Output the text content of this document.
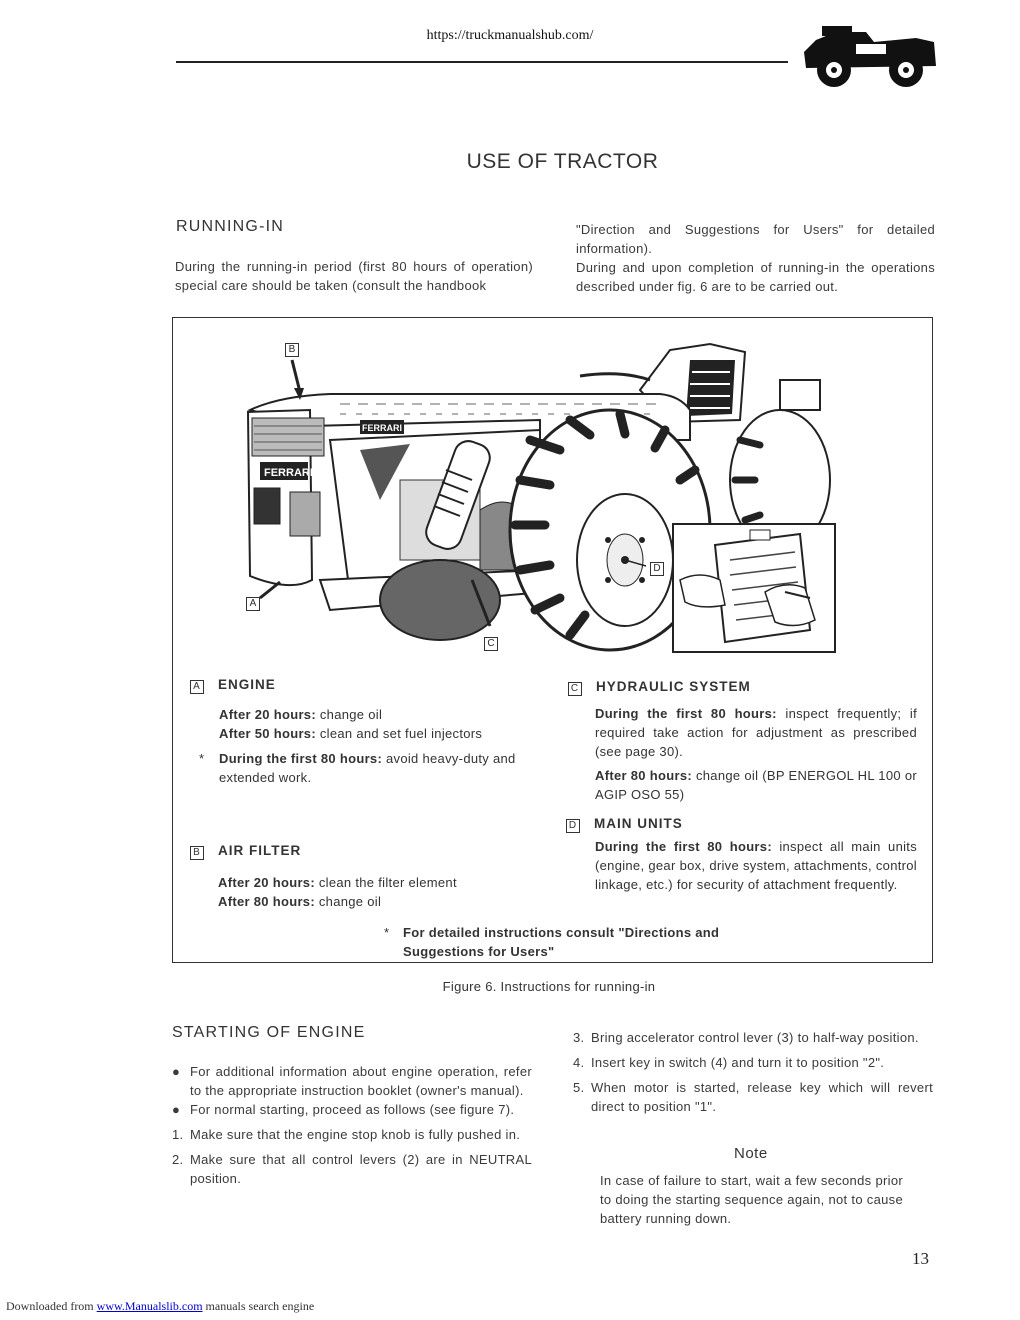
https://truckmanualshub.com/
USE OF TRACTOR
RUNNING-IN

During the running-in period (first 80 hours of operation) special care should be taken (consult the handbook

"Direction and Suggestions for Users" for detailed information).

During and upon completion of running-in the operations described under fig. 6 are to be carried out.

FERRARI
FERRARI
B
A
C
D
A ENGINE

After 20 hours: change oil

After 50 hours: clean and set fuel injectors

* During the first 80 hours: avoid heavy-duty and extended work.
B AIR FILTER

After 20 hours: clean the filter element

After 80 hours: change oil

C HYDRAULIC SYSTEM

During the first 80 hours: inspect frequently; if required take action for adjustment as prescribed (see page 30).

After 80 hours: change oil (BP ENERGOL HL 100 or AGIP OSO 55)

D MAIN UNITS

During the first 80 hours: inspect all main units (engine, gear box, drive system, attachments, control linkage, etc.) for security of attachment frequently.

* For detailed instructions consult "Directions and Suggestions for Users"
Figure 6. Instructions for running-in
STARTING OF ENGINE
● For additional information about engine operation, refer to the appropriate instruction booklet (owner's manual).
● For normal starting, proceed as follows (see figure 7).
1. Make sure that the engine stop knob is fully pushed in.
2. Make sure that all control levers (2) are in NEUTRAL position.
3. Bring accelerator control lever (3) to half-way position.
4. Insert key in switch (4) and turn it to position "2".
5. When motor is started, release key which will revert direct to position "1".
Note

In case of failure to start, wait a few seconds prior to doing the starting sequence again, not to cause battery running down.

13
Downloaded from www.Manualslib.com manuals search engine
